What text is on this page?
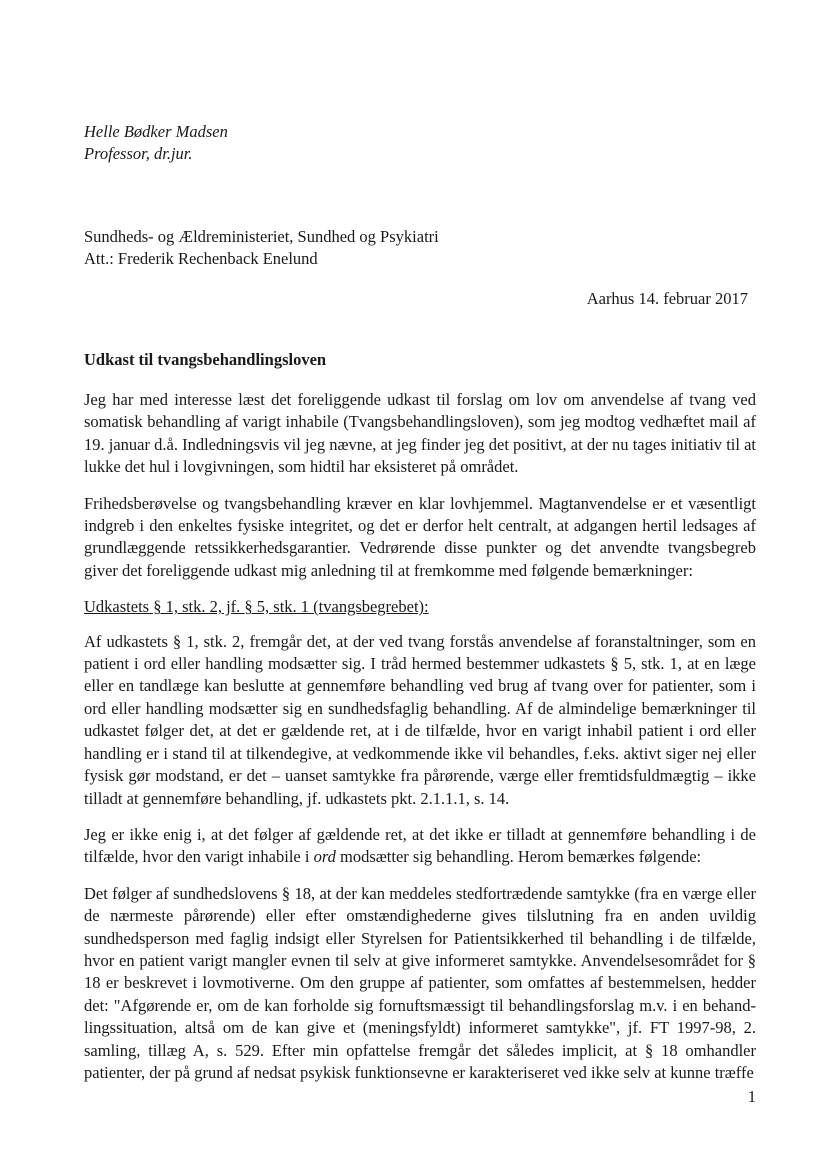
Helle Bødker Madsen
Professor, dr.jur.
Sundheds- og Ældreministeriet, Sundhed og Psykiatri
Att.: Frederik Rechenback Enelund
Aarhus 14. februar 2017
Udkast til tvangsbehandlingsloven

Jeg har med interesse læst det foreliggende udkast til forslag om lov om anvendelse af tvang ved somatisk behandling af varigt inhabile (Tvangsbehandlingsloven), som jeg modtog vedhæftet mail af 19. januar d.å. Indledningsvis vil jeg nævne, at jeg finder jeg det positivt, at der nu tages initiativ til at lukke det hul i lovgivningen, som hidtil har eksisteret på området.

Frihedsberøvelse og tvangsbehandling kræver en klar lovhjemmel. Magtanvendelse er et væsentligt indgreb i den enkeltes fysiske integritet, og det er derfor helt centralt, at adgangen hertil ledsages af grundlæggende retssikkerhedsgarantier. Vedrørende disse punkter og det anvendte tvangsbegreb giver det foreliggende udkast mig anledning til at fremkomme med følgende bemærkninger:

Udkastets § 1, stk. 2, jf. § 5, stk. 1 (tvangsbegrebet):

Af udkastets § 1, stk. 2, fremgår det, at der ved tvang forstås anvendelse af foranstaltninger, som en patient i ord eller handling modsætter sig. I tråd hermed bestemmer udkastets § 5, stk. 1, at en læge eller en tandlæge kan beslutte at gennemføre behandling ved brug af tvang over for patienter, som i ord eller handling modsætter sig en sundhedsfaglig behandling. Af de almindelige bemærkninger til udkastet følger det, at det er gældende ret, at i de tilfælde, hvor en varigt inhabil patient i ord eller handling er i stand til at tilkendegive, at vedkommende ikke vil behandles, f.eks. aktivt siger nej eller fysisk gør modstand, er det – uanset samtykke fra pårørende, værge eller fremtidsfuldmægtig – ikke tilladt at gennemføre behandling, jf. udkastets pkt. 2.1.1.1, s. 14.

Jeg er ikke enig i, at det følger af gældende ret, at det ikke er tilladt at gennemføre behandling i de tilfælde, hvor den varigt inhabile i ord modsætter sig behandling. Herom bemærkes følgende:

Det følger af sundhedslovens § 18, at der kan meddeles stedfortrædende samtykke (fra en værge eller de nærmeste pårørende) eller efter omstændighederne gives tilslutning fra en anden uvildig sundhedsperson med faglig indsigt eller Styrelsen for Patientsikkerhed til behandling i de tilfælde, hvor en patient varigt mangler evnen til selv at give informeret samtykke. Anvendelsesområdet for § 18 er beskrevet i lovmotiverne. Om den gruppe af patienter, som omfattes af bestemmelsen, hedder det: "Afgørende er, om de kan forholde sig fornuftsmæssigt til behandlingsforslag m.v. i en behand-lingssituation, altså om de kan give et (meningsfyldt) informeret samtykke", jf. FT 1997-98, 2. samling, tillæg A, s. 529. Efter min opfattelse fremgår det således implicit, at § 18 omhandler patienter, der på grund af nedsat psykisk funktionsevne er karakteriseret ved ikke selv at kunne træffe

1
